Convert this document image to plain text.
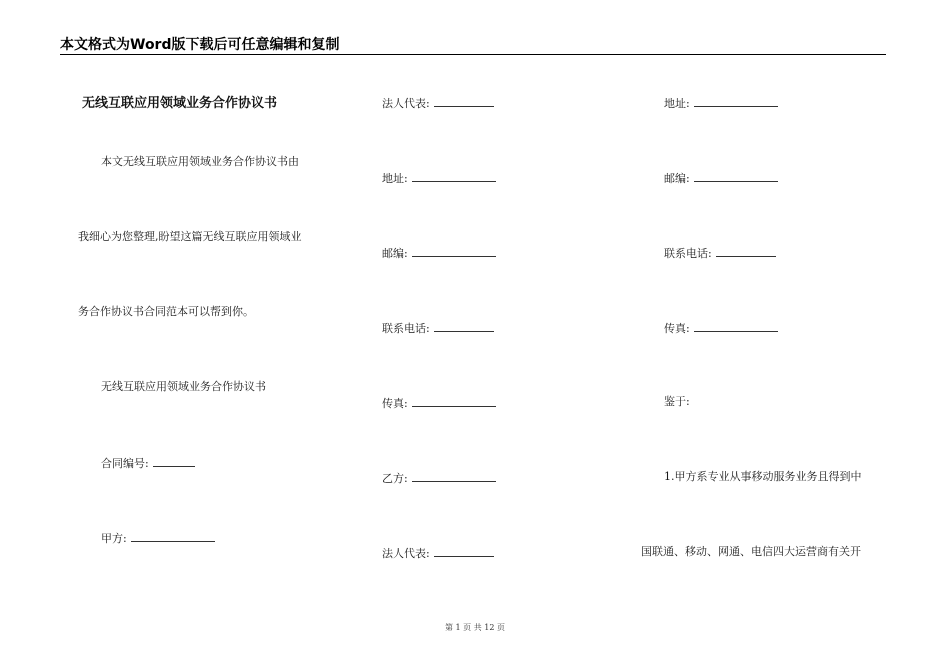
本文格式为Word版下载后可任意编辑和复制
无线互联应用领域业务合作协议书
本文无线互联应用领域业务合作协议书由
我细心为您整理,盼望这篇无线互联应用领域业
务合作协议书合同范本可以帮到你。
无线互联应用领域业务合作协议书
合同编号:
甲方:
法人代表:
地址:
邮编:
联系电话:
传真:
乙方:
法人代表:
地址:
邮编:
联系电话:
传真:
鉴于:
1.甲方系专业从事移动服务业务且得到中
国联通、移动、网通、电信四大运营商有关开
第 1 页 共 12 页
